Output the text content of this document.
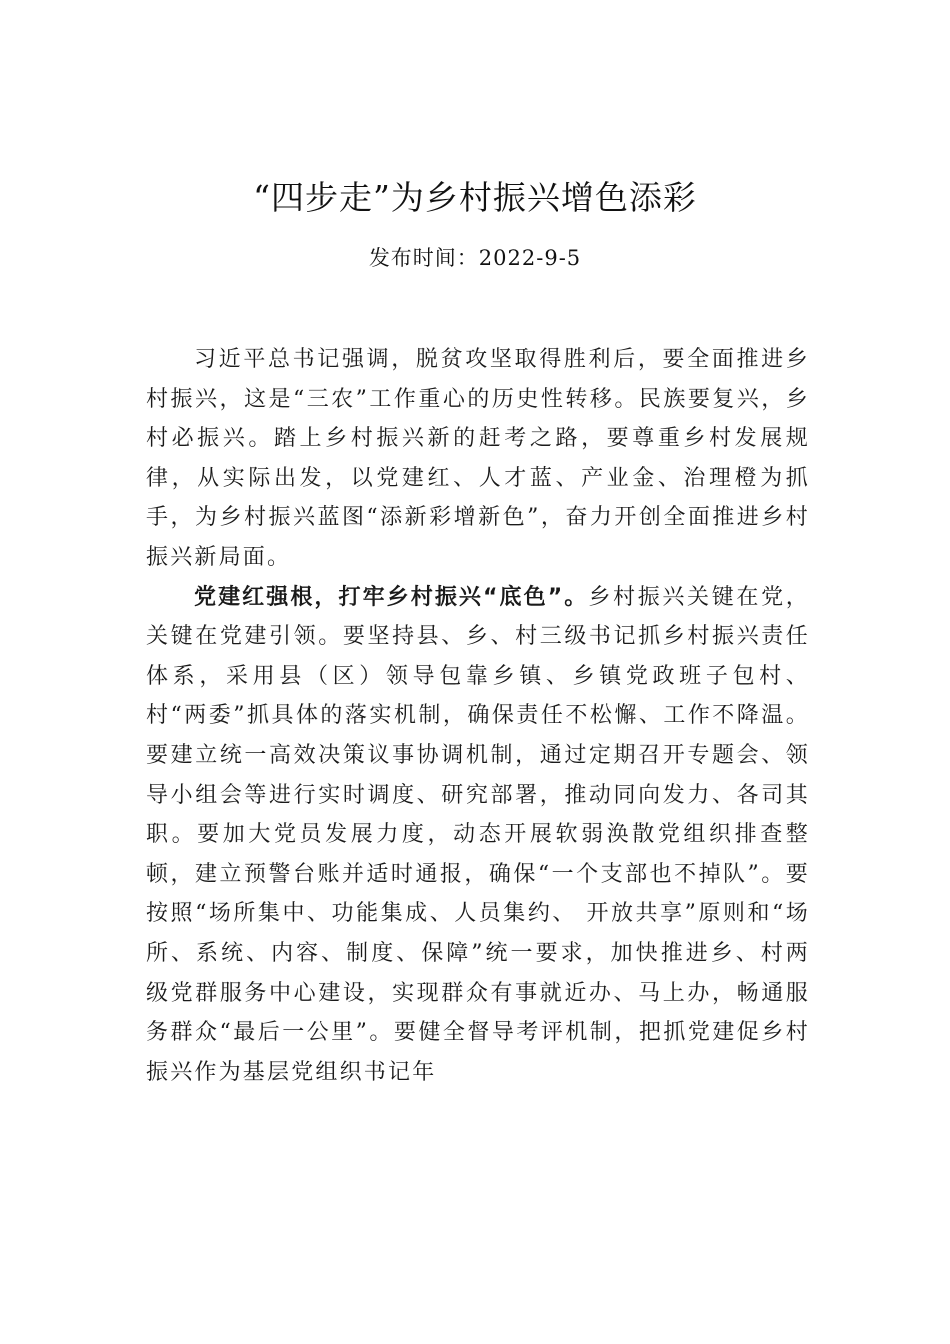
“四步走”为乡村振兴增色添彩
发布时间：2022-9-5

习近平总书记强调，脱贫攻坚取得胜利后，要全面推进乡村振兴，这是“三农”工作重心的历史性转移。民族要复兴，乡村必振兴。踏上乡村振兴新的赶考之路，要尊重乡村发展规律，从实际出发，以党建红、人才蓝、产业金、治理橙为抓手，为乡村振兴蓝图“添新彩增新色”，奋力开创全面推进乡村振兴新局面。

党建红强根，打牢乡村振兴“底色”。乡村振兴关键在党，关键在党建引领。要坚持县、乡、村三级书记抓乡村振兴责任体系，采用县（区）领导包靠乡镇、乡镇党政班子包村、村“两委”抓具体的落实机制，确保责任不松懈、工作不降温。要建立统一高效决策议事协调机制，通过定期召开专题会、领导小组会等进行实时调度、研究部署，推动同向发力、各司其职。要加大党员发展力度，动态开展软弱涣散党组织排查整顿，建立预警台账并适时通报，确保“一个支部也不掉队”。要按照“场所集中、功能集成、人员集约、 开放共享”原则和“场所、系统、内容、制度、保障”统一要求，加快推进乡、村两级党群服务中心建设，实现群众有事就近办、马上办，畅通服务群众“最后一公里”。要健全督导考评机制，把抓党建促乡村振兴作为基层党组织书记年
